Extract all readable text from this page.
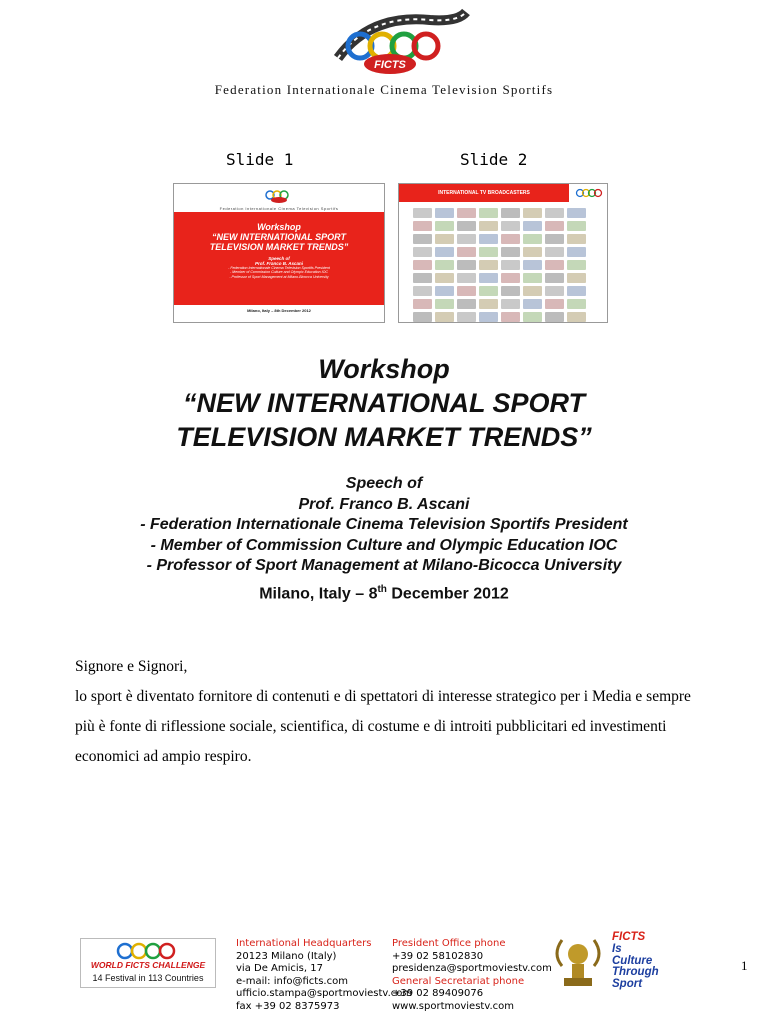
FICTS
Federation Internationale Cinema Television Sportifs
Slide 1	Slide 2
Federation Internationale Cinema Television Sportifs
Workshop
“NEW INTERNATIONAL SPORT
TELEVISION MARKET TRENDS”
Speech of
Prof. Franco B. Ascani
- Federation Internationale Cinema Television Sportifs President
- Member of Commission Culture and Olympic Education IOC
- Professor of Sport Management at Milano-Bicocca University
Milano, Italy – 8th December 2012
INTERNATIONAL TV BROADCASTERS
Workshop
“NEW INTERNATIONAL SPORT
TELEVISION MARKET TRENDS”
Speech of
Prof. Franco B. Ascani
- Federation Internationale Cinema Television Sportifs President
- Member of Commission Culture and Olympic Education IOC
- Professor of Sport Management at Milano-Bicocca University
Milano, Italy – 8th December 2012
Signore e Signori,
lo sport è diventato fornitore di contenuti e di spettatori di interesse strategico per i Media e sempre più è fonte di riflessione sociale, scientifica, di costume e di introiti pubblicitari ed investimenti economici ad ampio respiro.
1
WORLD FICTS CHALLENGE
14 Festival in 113 Countries
International Headquarters
20123 Milano (Italy)
via De Amicis, 17
e-mail: info@ficts.com
ufficio.stampa@sportmoviestv.com
fax +39 02 8375973
President Office phone
+39 02 58102830
presidenza@sportmoviestv.com
General Secretariat phone
+39 02 89409076
www.sportmoviestv.com
FICTS
Is
Culture
Through
Sport
